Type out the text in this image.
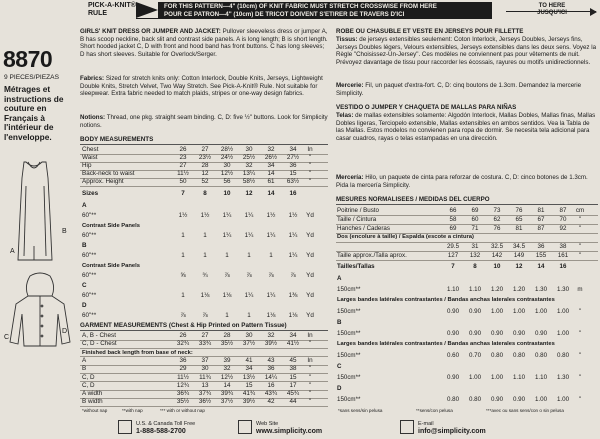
PICK-A-KNIT®
RULE
FOR THIS PATTERN—4" (10cm) OF KNIT FABRIC MUST STRETCH CROSSWISE FROM HERE
POUR CE PATRON—4" (10cm) DE TRICOT DOIVENT S'ETIRER DE TRAVERS D'ICI
TO HERE
JUSQU'ICI
8870
9 PIECES/PIEZAS
Métrages et instructions de couture en Français à l'intérieur de l'enveloppe.
A
B
C
D
GIRLS' KNIT DRESS OR JUMPER AND JACKET: Pullover sleeveless dress or jumper A, B has scoop neckline, back slit and contrast side panels. A is long length; B is short length. Short hooded jacket C, D with front and hood band has front buttons. C has long sleeves; D has short sleeves. Suitable for Overlock/Serger.
Fabrics: Sized for stretch knits only: Cotton Interlock, Double Knits, Jerseys, Lightweight Double Knits, Stretch Velvet, Two Way Stretch. See Pick-A-Knit® Rule. Not suitable for sleepwear. Extra fabric needed to match plaids, stripes or one-way design fabrics.
Notions: Thread, one pkg. straight seam binding. C, D: five ½" buttons. Look for Simplicity notions.
BODY MEASUREMENTS
Chest	26	27	28½	30	32	34	In
Waist	23	23½	24½	25½	26½	27½	"
Hip	27	28	30	32	34	36	"
Back-neck to waist	11½	12	12½	13¼	14	15	"
Approx. Height	50	52	56	58½	61	63½	"
Sizes	7	8	10	12	14	16
A
60"**	1½	1½	1¼	1¼	1½	1½	Yd
Contrast Side Panels
60"**	1	1	1¼	1¼	1¼	1¼	Yd
B
60"**	1	1	1	1	1	1¼	Yd
Contrast Side Panels
60"**	⅝	¾	⅞	⅞	⅞	⅞	Yd
C
60"**	1	1⅛	1⅛	1¼	1¼	1⅜	Yd
D
60"**	⅞	⅞	1	1	1⅛	1⅛	Yd
GARMENT MEASUREMENTS (Chest & Hip Printed on Pattern Tissue)
A, B - Chest	26	27	28	30	32	34	In
C, D - Chest	32¾	33¾	35½	37½	39½	41½	"
Finished back length from base of neck:
A	36	37	39	41	43	45	In
B	29	30	32	34	36	38	"
C, D	11½	11¾	12½	13½	14¼	15	"
C, D	12¾	13	14	15	16	17	"
A width	36¾	37¾	39¾	41¾	43¾	45¾	"
B width	35½	36½	37½	39½	42	44	"
*without nap	**with nap	*** with or without nap
ROBE OU CHASUBLE ET VESTE EN JERSEYS POUR FILLETTE
Tissus: de jerseys extensibles seulement: Coton Interlock, Jerseys Doubles, Jerseys fins, Jerseys Doubles légers, Velours extensibles, Jerseys extensibles dans les deux sens. Voyez la Règle "Choisissez-Un-Jersey". Ces modèles ne conviennent pas pour vêtements de nuit. Prévoyez davantage de tissu pour raccorder les écossais, rayures ou motifs unidirectionnels.
Mercerie: Fil, un paquet d'extra-fort. C, D: cinq boutons de 1.3cm. Demandez la mercerie Simplicity.
VESTIDO O JUMPER Y CHAQUETA DE MALLAS PARA NIÑAS
Telas: de mallas extensibles solamente: Algodón Interlock, Mallas Dobles, Mallas finas, Mallas Dobles ligeras, Terciopelo extensible, Mallas extensibles en ambos sentidos. Vea la Tabla de las Mallas. Estos modelos no convienen para ropa de dormir. Se necesita tela adicional para casar cuadros, rayas o telas estampadas en una dirección.
Mercería: Hilo, un paquete de cinta para reforzar de costura. C, D: cinco botones de 1.3cm. Pida la mercería Simplicity.
MESURES NORMALISEES / MEDIDAS DEL CUERPO
Poitrine / Busto	66	69	73	76	81	87	cm
Taille / Cintura	58	60	62	65	67	70	"
Hanches / Caderas	69	71	76	81	87	92	"
Dos (encolure à taille) / Espalda (escote a cintura)
29.5	31	32.5	34.5	36	38	"
Taille approx./Talla aprox.	127	132	142	149	155	161	"
Tailles/Tallas	7	8	10	12	14	16
A
150cm**	1.10	1.10	1.20	1.20	1.30	1.30	m
Larges bandes latérales contrastantes / Bandas anchas laterales contrastantes
150cm**	0.90	0.90	1.00	1.00	1.00	1.00	"
B
150cm**	0.90	0.90	0.90	0.90	0.90	1.00	"
Larges bandes latérales contrastantes / Bandas anchas laterales contrastantes
150cm**	0.60	0.70	0.80	0.80	0.80	0.80	"
C
150cm**	0.90	1.00	1.00	1.10	1.10	1.30	"
D
150cm**	0.80	0.80	0.90	0.90	1.00	1.00	"
*sans sens/sin pelusa	**sens/con pelusa	***avec ou sans sens/con o sin pelusa
U.S. & Canada Toll Free
1-888-588-2700
Web Site
www.simplicity.com
E-mail
info@simplicity.com
